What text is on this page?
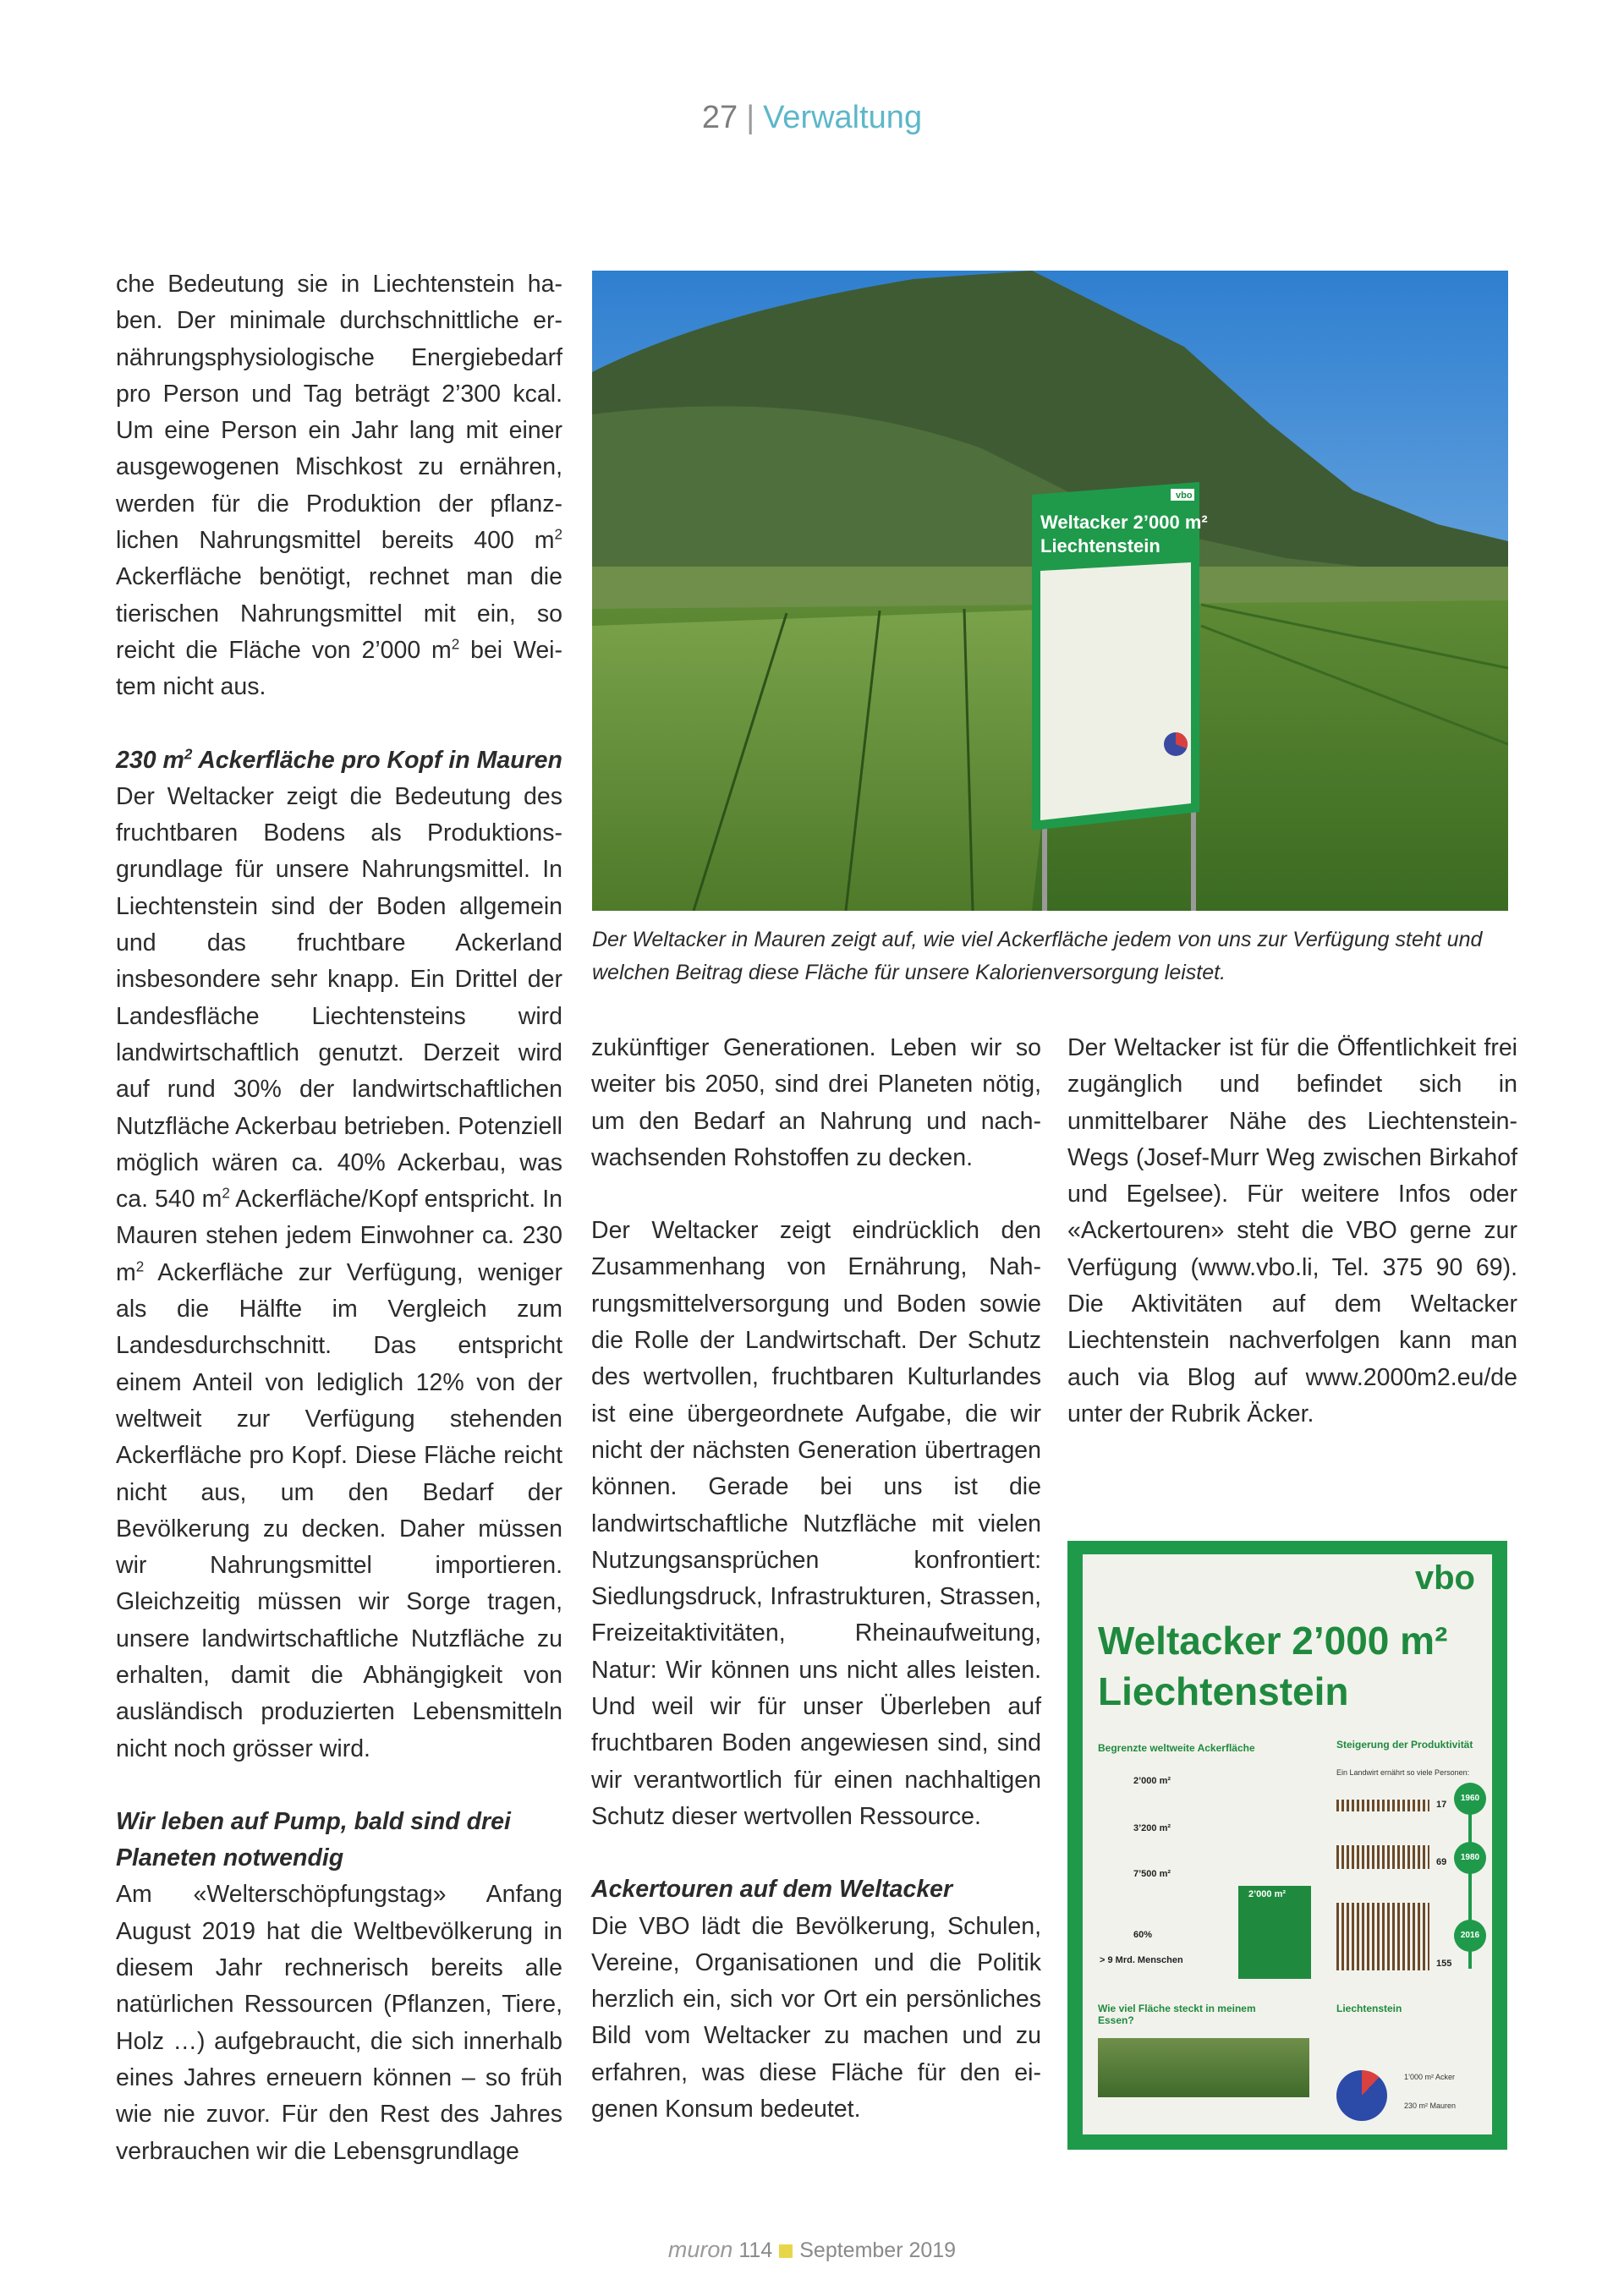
27 | Verwaltung

che Bedeutung sie in Liechtenstein haben. Der minimale durchschnittliche ernährungsphysiologische Energiebedarf pro Person und Tag beträgt 2’300 kcal. Um eine Person ein Jahr lang mit einer ausgewogenen Mischkost zu ernähren, werden für die Produktion der pflanzlichen Nahrungsmittel bereits 400 $m^2$ Ackerfläche benötigt, rechnet man die tierischen Nahrungsmittel mit ein, so reicht die Fläche von 2’000 $m^2$ bei Weitem nicht aus.

230 $m^2$ Ackerfläche pro Kopf in Mauren

Der Weltacker zeigt die Bedeutung des fruchtbaren Bodens als Produktionsgrundlage für unsere Nahrungsmittel. In Liechtenstein sind der Boden allgemein und das fruchtbare Ackerland insbesondere sehr knapp. Ein Drittel der Landesfläche Liechtensteins wird landwirtschaftlich genutzt. Derzeit wird auf rund 30% der landwirtschaftlichen Nutzfläche Ackerbau betrieben. Potenziell möglich wären ca. 40% Ackerbau, was ca. 540 $m^2$ Ackerfläche/Kopf entspricht. In Mauren stehen jedem Einwohner ca. 230 $m^2$ Ackerfläche zur Verfügung, weniger als die Hälfte im Vergleich zum Landesdurchschnitt. Das entspricht einem Anteil von lediglich 12% von der weltweit zur Verfügung stehenden Ackerfläche pro Kopf. Diese Fläche reicht nicht aus, um den Bedarf der Bevölkerung zu decken. Daher müssen wir Nahrungsmittel importieren. Gleichzeitig müssen wir Sorge tragen, unsere landwirtschaftliche Nutzfläche zu erhalten, damit die Abhängigkeit von ausländisch produzierten Lebensmitteln nicht noch grösser wird.

Wir leben auf Pump, bald sind drei Planeten notwendig

Am «Welterschöpfungstag» Anfang August 2019 hat die Weltbevölkerung in diesem Jahr rechnerisch bereits alle natürlichen Ressourcen (Pflanzen, Tiere, Holz …) aufgebraucht, die sich innerhalb eines Jahres erneuern können – so früh wie nie zuvor. Für den Rest des Jahres verbrauchen wir die Lebensgrundlage

vbo
Weltacker 2’000 m²
Liechtenstein
Der Weltacker in Mauren zeigt auf, wie viel Ackerfläche jedem von uns zur Verfügung steht und welchen Beitrag diese Fläche für unsere Kalorienversorgung leistet.

zukünftiger Generationen. Leben wir so weiter bis 2050, sind drei Planeten nötig, um den Bedarf an Nahrung und nachwachsenden Rohstoffen zu decken.

Der Weltacker zeigt eindrücklich den Zusammenhang von Ernährung, Nahrungsmittelversorgung und Boden sowie die Rolle der Landwirtschaft. Der Schutz des wertvollen, fruchtbaren Kulturlandes ist eine übergeordnete Aufgabe, die wir nicht der nächsten Generation übertragen können. Gerade bei uns ist die landwirtschaftliche Nutzfläche mit vielen Nutzungsansprüchen konfrontiert: Siedlungsdruck, Infrastrukturen, Strassen, Freizeitaktivitäten, Rheinaufweitung, Natur: Wir können uns nicht alles leisten. Und weil wir für unser Überleben auf fruchtbaren Boden angewiesen sind, sind wir verantwortlich für einen nachhaltigen Schutz dieser wertvollen Ressource.

Ackertouren auf dem Weltacker

Die VBO lädt die Bevölkerung, Schulen, Vereine, Organisationen und die Politik herzlich ein, sich vor Ort ein persönliches Bild vom Weltacker zu machen und zu erfahren, was diese Fläche für den eigenen Konsum bedeutet.

Der Weltacker ist für die Öffentlichkeit frei zugänglich und befindet sich in unmittelbarer Nähe des Liechtenstein-Wegs (Josef-Murr Weg zwischen Birkahof und Egelsee). Für weitere Infos oder «Ackertouren» steht die VBO gerne zur Verfügung (www.vbo.li, Tel. 375 90 69). Die Aktivitäten auf dem Weltacker Liechtenstein nachverfolgen kann man auch via Blog auf www.2000m2.eu/de unter der Rubrik Äcker.

vbo
Weltacker 2’000 m²
Liechtenstein
Begrenzte weltweite Ackerfläche	Steigerung der Produktivität
Ein Landwirt ernährt so viele Personen:
2’000 m²
3’200 m²
7’500 m²
60%
> 9 Mrd. Menschen
2’000 m²
17
69
155
1960
1980
2016
Wie viel Fläche steckt in meinem Essen?
Liechtenstein
1’000 m² Acker
230 m² Mauren
muron 114 September 2019
